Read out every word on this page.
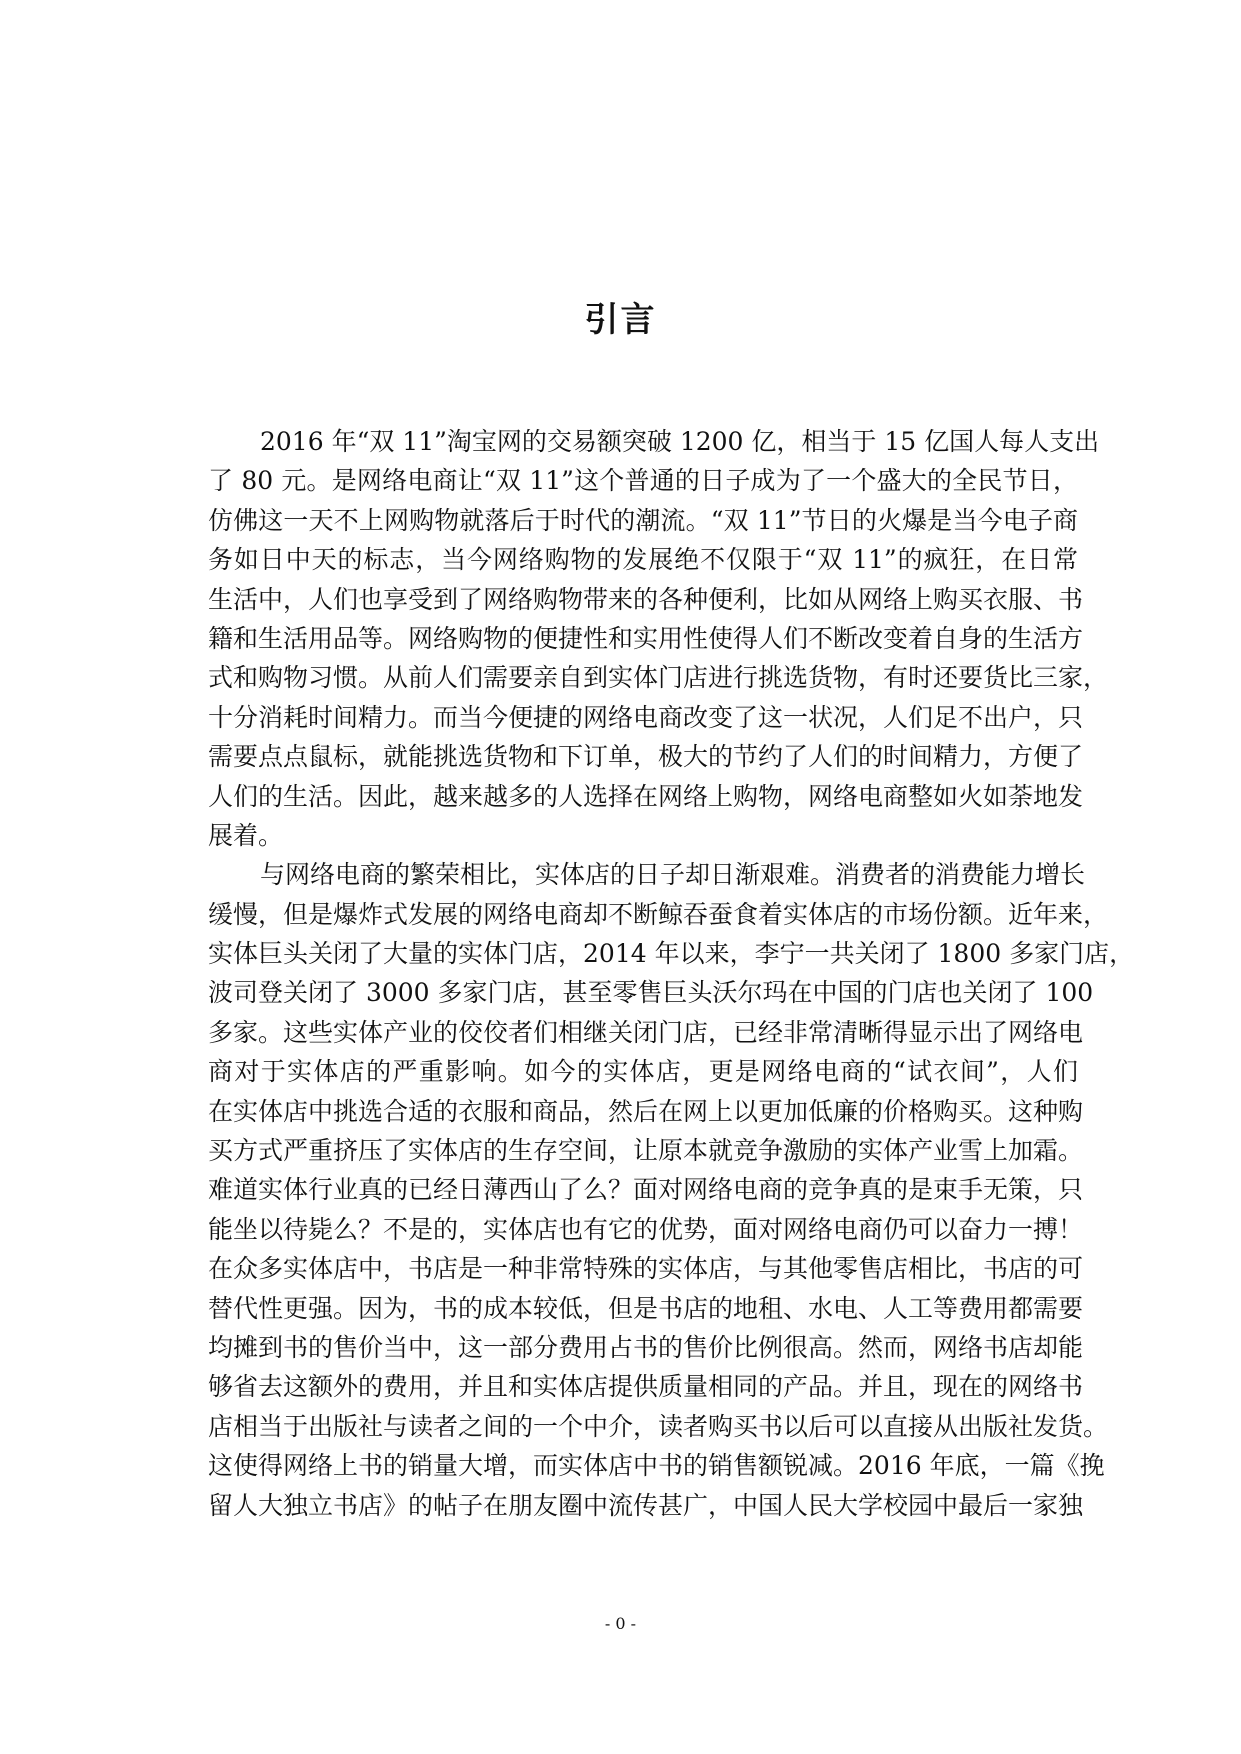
引言
2016 年“双 11”淘宝网的交易额突破 1200 亿，相当于 15 亿国人每人支出
了 80 元。是网络电商让“双 11”这个普通的日子成为了一个盛大的全民节日，
仿佛这一天不上网购物就落后于时代的潮流。“双 11”节日的火爆是当今电子商
务如日中天的标志，当今网络购物的发展绝不仅限于“双 11”的疯狂，在日常
生活中，人们也享受到了网络购物带来的各种便利，比如从网络上购买衣服、书
籍和生活用品等。网络购物的便捷性和实用性使得人们不断改变着自身的生活方
式和购物习惯。从前人们需要亲自到实体门店进行挑选货物，有时还要货比三家，
十分消耗时间精力。而当今便捷的网络电商改变了这一状况，人们足不出户，只
需要点点鼠标，就能挑选货物和下订单，极大的节约了人们的时间精力，方便了
人们的生活。因此，越来越多的人选择在网络上购物，网络电商整如火如荼地发
展着。
与网络电商的繁荣相比，实体店的日子却日渐艰难。消费者的消费能力增长
缓慢，但是爆炸式发展的网络电商却不断鲸吞蚕食着实体店的市场份额。近年来，
实体巨头关闭了大量的实体门店，2014 年以来，李宁一共关闭了 1800 多家门店，
波司登关闭了 3000 多家门店，甚至零售巨头沃尔玛在中国的门店也关闭了 100
多家。这些实体产业的佼佼者们相继关闭门店，已经非常清晰得显示出了网络电
商对于实体店的严重影响。如今的实体店，更是网络电商的“试衣间”，人们
在实体店中挑选合适的衣服和商品，然后在网上以更加低廉的价格购买。这种购
买方式严重挤压了实体店的生存空间，让原本就竞争激励的实体产业雪上加霜。
难道实体行业真的已经日薄西山了么？面对网络电商的竞争真的是束手无策，只
能坐以待毙么？不是的，实体店也有它的优势，面对网络电商仍可以奋力一搏！
在众多实体店中，书店是一种非常特殊的实体店，与其他零售店相比，书店的可
替代性更强。因为，书的成本较低，但是书店的地租、水电、人工等费用都需要
均摊到书的售价当中，这一部分费用占书的售价比例很高。然而，网络书店却能
够省去这额外的费用，并且和实体店提供质量相同的产品。并且，现在的网络书
店相当于出版社与读者之间的一个中介，读者购买书以后可以直接从出版社发货。
这使得网络上书的销量大增，而实体店中书的销售额锐减。2016 年底，一篇《挽
留人大独立书店》的帖子在朋友圈中流传甚广，中国人民大学校园中最后一家独
- 0 -
